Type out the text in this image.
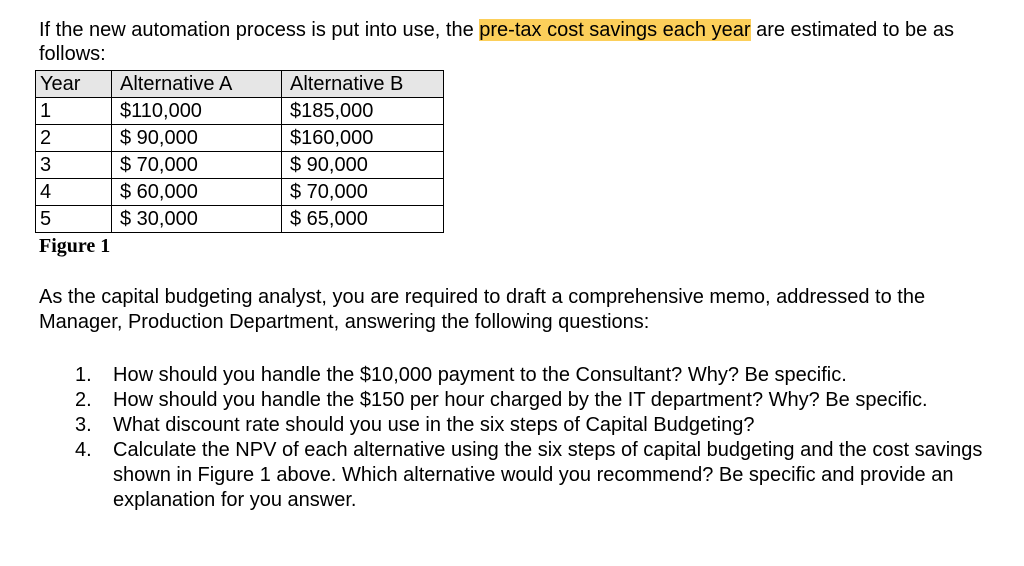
If the new automation process is put into use, the pre-tax cost savings each year are estimated to be as follows:

Year	Alternative A	Alternative B
1	$110,000	$185,000
2	$ 90,000	$160,000
3	$ 70,000	$ 90,000
4	$ 60,000	$ 70,000
5	$ 30,000	$ 65,000

Figure 1

As the capital budgeting analyst, you are required to draft a comprehensive memo, addressed to the Manager, Production Department, answering the following questions:

1. How should you handle the $10,000 payment to the Consultant? Why? Be specific.
2. How should you handle the $150 per hour charged by the IT department? Why? Be specific.
3. What discount rate should you use in the six steps of Capital Budgeting?
4. Calculate the NPV of each alternative using the six steps of capital budgeting and the cost savings shown in Figure 1 above. Which alternative would you recommend? Be specific and provide an explanation for you answer.
